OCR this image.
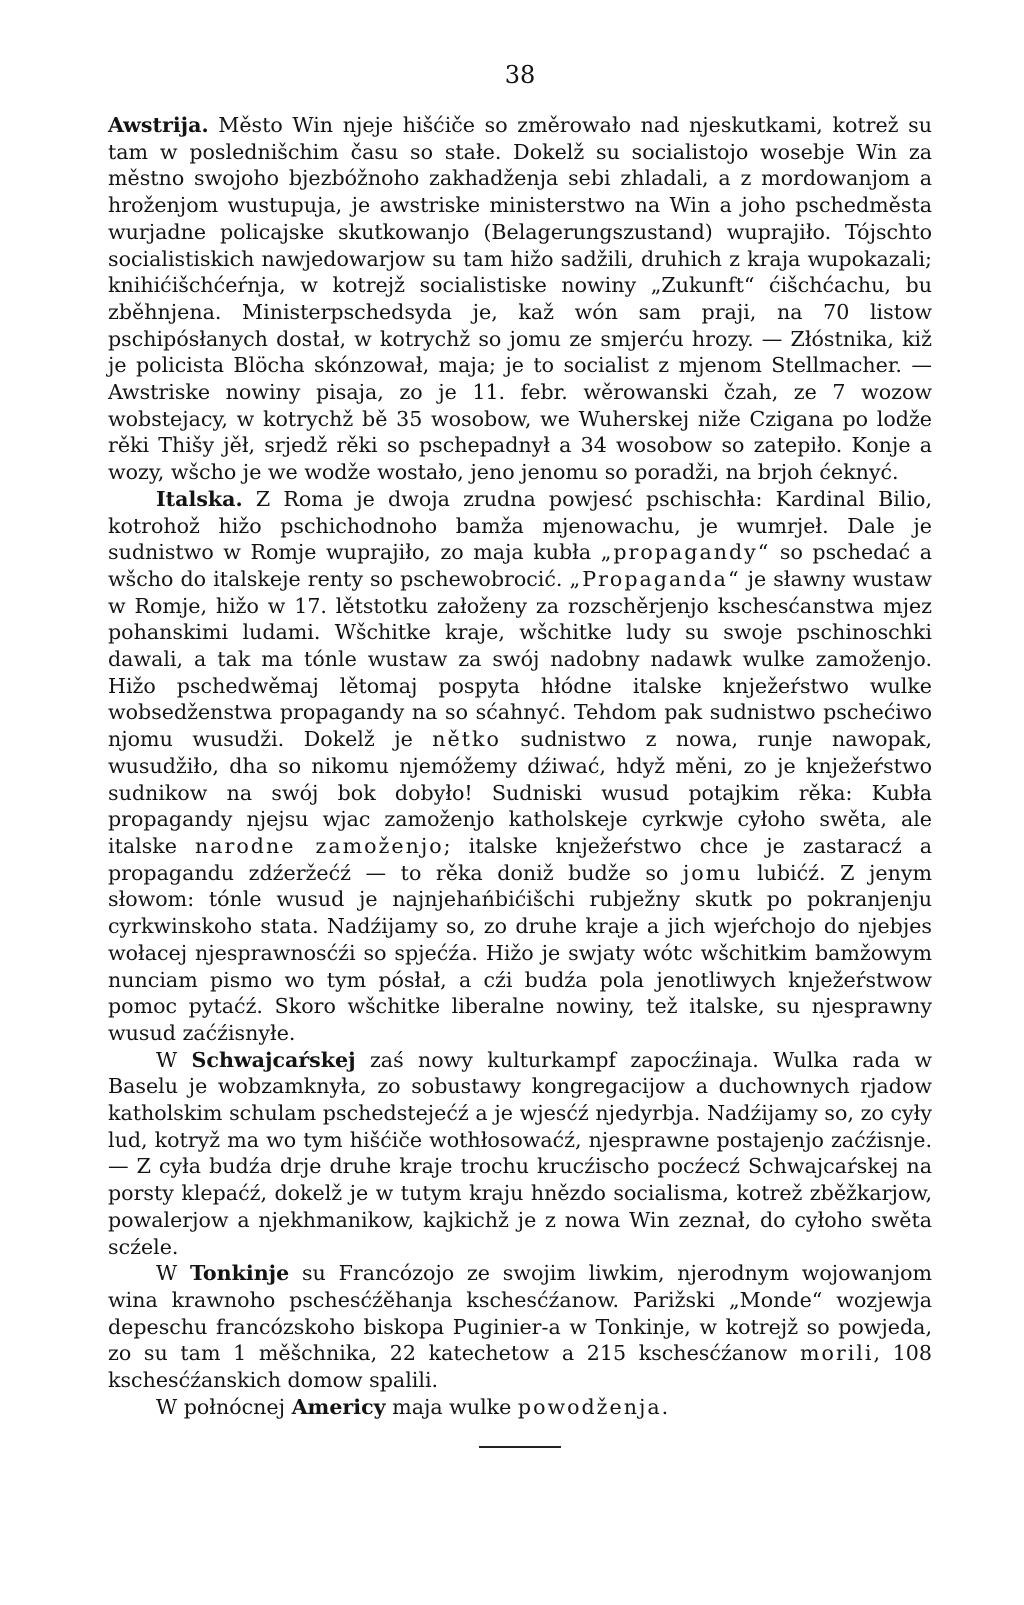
38

Awstrija. Město Win njeje hišćiče so změrowało nad njeskutkami, kotrež su tam w poslednišchim času so stałe. Dokelž su socialistojo wosebje Win za městno swojoho bjezbóžnoho zakhadženja sebi zhladali, a z mordowanjom a hroženjom wustupuja, je awstriske ministerstwo na Win a joho pschedměsta wurjadne policajske skutkowanjo (Belagerungszustand) wuprajiło. Tójschto socialistiskich nawjedowarjow su tam hižo sadžili, druhich z kraja wupokazali; knihićišchćeŕnja, w kotrejž socialistiske nowiny „Zukunft“ ćišchćachu, bu zběhnjena. Ministerpschedsyda je, kaž wón sam praji, na 70 listow pschipósłanych dostał, w kotrychž so jomu ze smjerću hrozy. — Złóstnika, kiž je policista Blöcha skónzował, maja; je to socialist z mjenom Stellmacher. — Awstriske nowiny pisaja, zo je 11. febr. wěrowanski čzah, ze 7 wozow wobstejacy, w kotrychž bě 35 wosobow, we Wuherskej niže Czigana po lodže rěki Thišy jěł, srjedž rěki so pschepadnył a 34 wosobow so zatepiło. Konje a wozy, wšcho je we wodže wostało, jeno jenomu so poradži, na brjoh ćeknyć.

Italska. Z Roma je dwoja zrudna powjesć pschischła: Kardinal Bilio, kotrohož hižo pschichodnoho bamža mjenowachu, je wumrjeł. Dale je sudnistwo w Romje wuprajiło, zo maja kubła „propagandy“ so pschedać a wšcho do italskeje renty so pschewobrocić. „Propaganda“ je sławny wustaw w Romje, hižo w 17. lětstotku załoženy za rozschěrjenjo kschesćanstwa mjez pohanskimi ludami. Wšchitke kraje, wšchitke ludy su swoje pschinoschki dawali, a tak ma tónle wustaw za swój nadobny nadawk wulke zamoženjo. Hižo pschedwěmaj lětomaj pospyta hłódne italske knježeŕstwo wulke wobsedženstwa propagandy na so sćahnyć. Tehdom pak sudnistwo pschećiwo njomu wusudži. Dokelž je nětko sudnistwo z nowa, runje nawopak, wusudžiło, dha so nikomu njemóžemy dźiwać, hdyž měni, zo je knježeŕstwo sudnikow na swój bok dobyło! Sudniski wusud potajkim rěka: Kubła propagandy njejsu wjac zamoženjo katholskeje cyrkwje cyłoho swěta, ale italske narodne zamoženjo; italske knježeŕstwo chce je zastaracź a propagandu zdźeržećź — to rěka doniž budže so jomu lubićź. Z jenym słowom: tónle wusud je najnjehańbićišchi rubježny skutk po pokranjenju cyrkwinskoho stata. Nadźijamy so, zo druhe kraje a jich wjeŕchojo do njebjes wołacej njesprawnosćźi so spjećźa. Hižo je swjaty wótc wšchitkim bamžowym nunciam pismo wo tym pósłał, a cźi budźa pola jenotliwych knježeŕstwow pomoc pytaćź. Skoro wšchitke liberalne nowiny, tež italske, su njesprawny wusud zaćźisnyłe.

W Schwajcaŕskej zaś nowy kulturkampf zapocźinaja. Wulka rada w Baselu je wobzamknyła, zo sobustawy kongregacijow a duchownych rjadow katholskim schulam pschedstejećź a je wjesćź njedyrbja. Nadźijamy so, zo cyły lud, kotryž ma wo tym hišćiče wothłosowaćź, njesprawne postajenjo zaćźisnje. — Z cyła budźa drje druhe kraje trochu krucźischo pocźecź Schwajcaŕskej na porsty klepaćź, dokelž je w tutym kraju hnězdo socialisma, kotrež zběžkarjow, powalerjow a njekhmanikow, kajkichž je z nowa Win zeznał, do cyłoho swěta scźele.

W Tonkinje su Francózojo ze swojim liwkim, njerodnym wojowanjom wina krawnoho pschesćźěhanja kschesćźanow. Parižski „Monde“ wozjewja depeschu francózskoho biskopa Puginier-a w Tonkinje, w kotrejž so powjeda, zo su tam 1 měšchnika, 22 katechetow a 215 kschesćźanow morili, 108 kschesćźanskich domow spalili.

W połnócnej Americy maja wulke powodženja.
